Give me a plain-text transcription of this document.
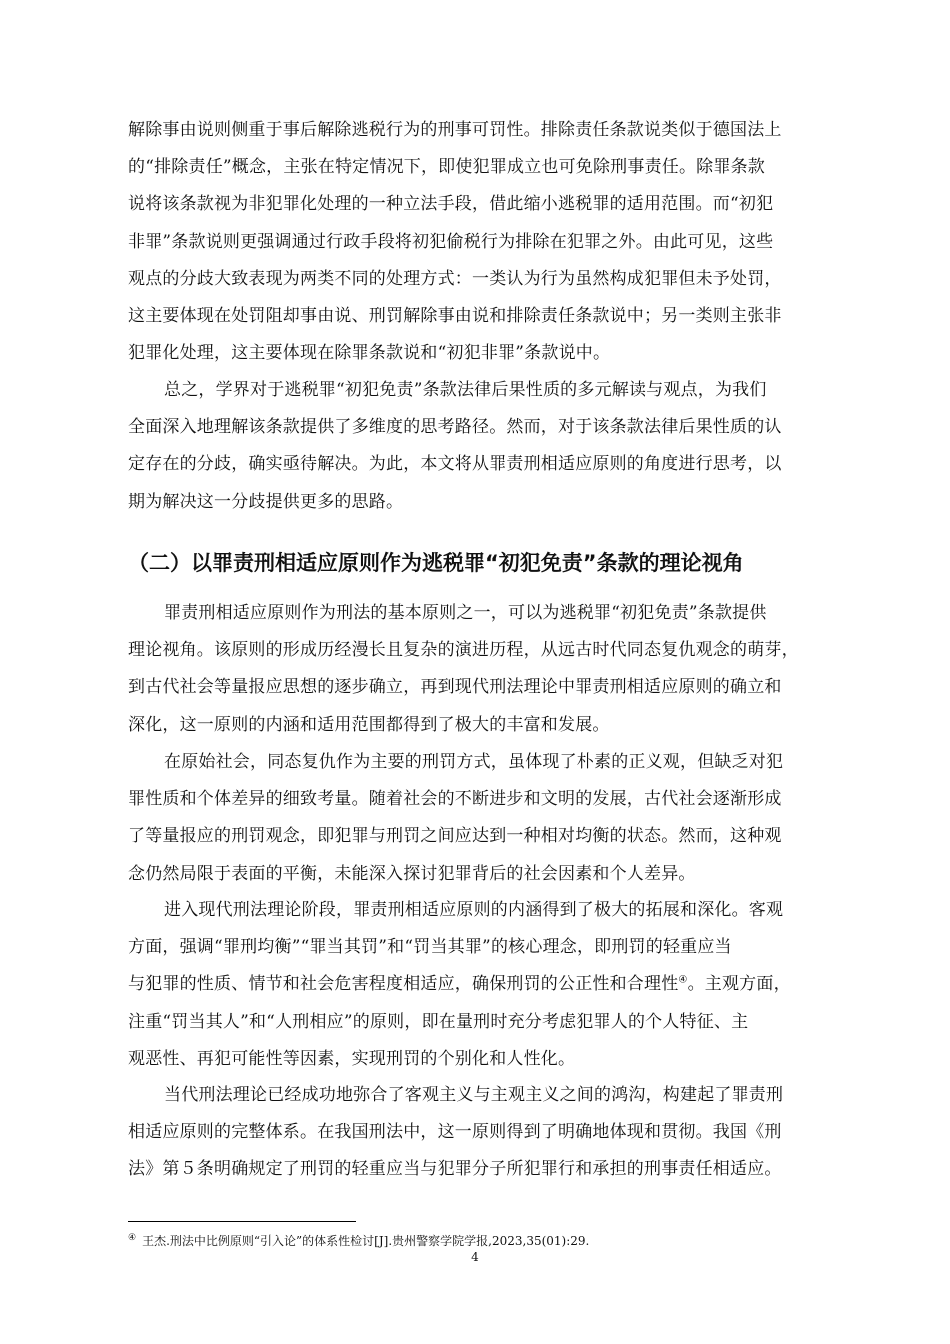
解除事由说则侧重于事后解除逃税行为的刑事可罚性。排除责任条款说类似于德国法上
的“排除责任”概念，主张在特定情况下，即使犯罪成立也可免除刑事责任。除罪条款
说将该条款视为非犯罪化处理的一种立法手段，借此缩小逃税罪的适用范围。而“初犯
非罪”条款说则更强调通过行政手段将初犯偷税行为排除在犯罪之外。由此可见，这些
观点的分歧大致表现为两类不同的处理方式：一类认为行为虽然构成犯罪但未予处罚，
这主要体现在处罚阻却事由说、刑罚解除事由说和排除责任条款说中；另一类则主张非
犯罪化处理，这主要体现在除罪条款说和“初犯非罪”条款说中。

总之，学界对于逃税罪“初犯免责”条款法律后果性质的多元解读与观点，为我们
全面深入地理解该条款提供了多维度的思考路径。然而，对于该条款法律后果性质的认
定存在的分歧，确实亟待解决。为此，本文将从罪责刑相适应原则的角度进行思考，以
期为解决这一分歧提供更多的思路。

（二）以罪责刑相适应原则作为逃税罪“初犯免责”条款的理论视角

罪责刑相适应原则作为刑法的基本原则之一，可以为逃税罪“初犯免责”条款提供
理论视角。该原则的形成历经漫长且复杂的演进历程，从远古时代同态复仇观念的萌芽，
到古代社会等量报应思想的逐步确立，再到现代刑法理论中罪责刑相适应原则的确立和
深化，这一原则的内涵和适用范围都得到了极大的丰富和发展。

在原始社会，同态复仇作为主要的刑罚方式，虽体现了朴素的正义观，但缺乏对犯
罪性质和个体差异的细致考量。随着社会的不断进步和文明的发展，古代社会逐渐形成
了等量报应的刑罚观念，即犯罪与刑罚之间应达到一种相对均衡的状态。然而，这种观
念仍然局限于表面的平衡，未能深入探讨犯罪背后的社会因素和个人差异。

进入现代刑法理论阶段，罪责刑相适应原则的内涵得到了极大的拓展和深化。客观
方面，强调“罪刑均衡”“罪当其罚”和“罚当其罪”的核心理念，即刑罚的轻重应当
与犯罪的性质、情节和社会危害程度相适应，确保刑罚的公正性和合理性④。主观方面，
注重“罚当其人”和“人刑相应”的原则，即在量刑时充分考虑犯罪人的个人特征、主
观恶性、再犯可能性等因素，实现刑罚的个别化和人性化。

当代刑法理论已经成功地弥合了客观主义与主观主义之间的鸿沟，构建起了罪责刑
相适应原则的完整体系。在我国刑法中，这一原则得到了明确地体现和贯彻。我国《刑
法》第５条明确规定了刑罚的轻重应当与犯罪分子所犯罪行和承担的刑事责任相适应。

④ 王杰.刑法中比例原则“引入论”的体系性检讨[J].贵州警察学院学报,2023,35(01):29.
4
